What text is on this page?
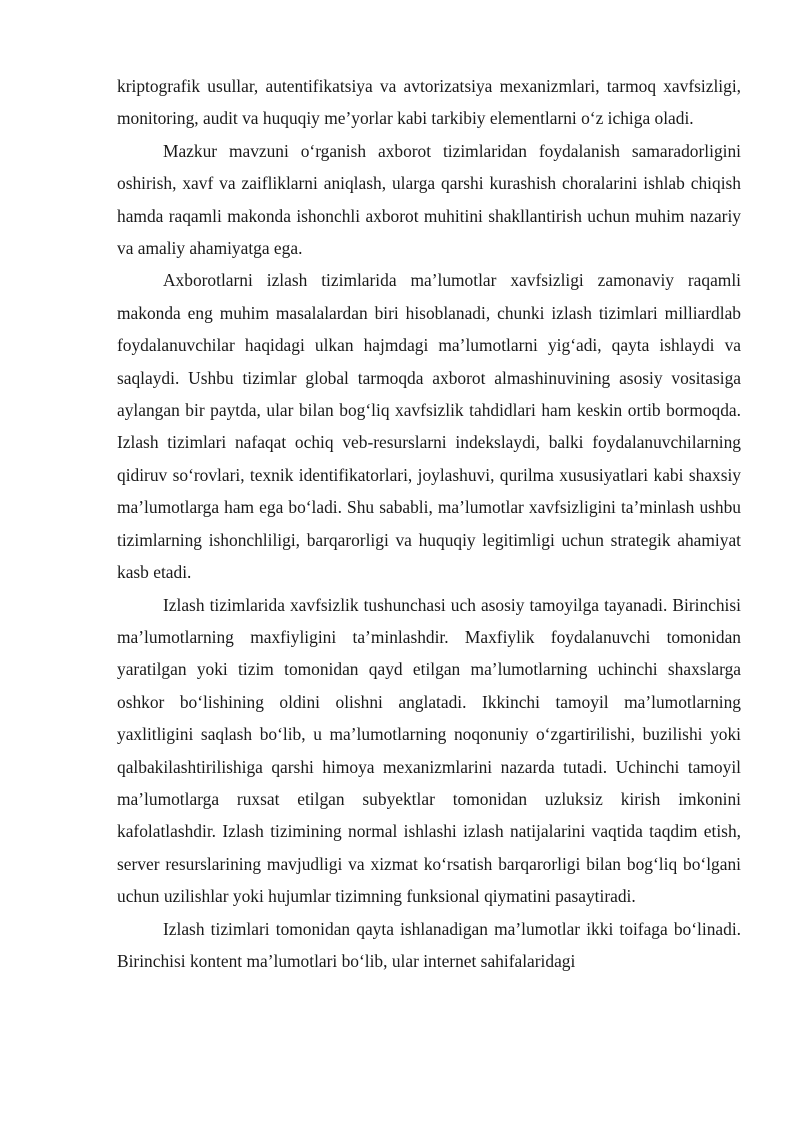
kriptografik usullar, autentifikatsiya va avtorizatsiya mexanizmlari, tarmoq xavfsizligi, monitoring, audit va huquqiy me’yorlar kabi tarkibiy elementlarni o‘z ichiga oladi.

Mazkur mavzuni o‘rganish axborot tizimlaridan foydalanish samaradorligini oshirish, xavf va zaifliklarni aniqlash, ularga qarshi kurashish choralarini ishlab chiqish hamda raqamli makonda ishonchli axborot muhitini shakllantirish uchun muhim nazariy va amaliy ahamiyatga ega.

Axborotlarni izlash tizimlarida ma’lumotlar xavfsizligi zamonaviy raqamli makonda eng muhim masalalardan biri hisoblanadi, chunki izlash tizimlari milliardlab foydalanuvchilar haqidagi ulkan hajmdagi ma’lumotlarni yig‘adi, qayta ishlaydi va saqlaydi. Ushbu tizimlar global tarmoqda axborot almashinuvining asosiy vositasiga aylangan bir paytda, ular bilan bog‘liq xavfsizlik tahdidlari ham keskin ortib bormoqda. Izlash tizimlari nafaqat ochiq veb-resurslarni indekslaydi, balki foydalanuvchilarning qidiruv so‘rovlari, texnik identifikatorlari, joylashuvi, qurilma xususiyatlari kabi shaxsiy ma’lumotlarga ham ega bo‘ladi. Shu sababli, ma’lumotlar xavfsizligini ta’minlash ushbu tizimlarning ishonchliligi, barqarorligi va huquqiy legitimligi uchun strategik ahamiyat kasb etadi.

Izlash tizimlarida xavfsizlik tushunchasi uch asosiy tamoyilga tayanadi. Birinchisi ma’lumotlarning maxfiyligini ta’minlashdir. Maxfiylik foydalanuvchi tomonidan yaratilgan yoki tizim tomonidan qayd etilgan ma’lumotlarning uchinchi shaxslarga oshkor bo‘lishining oldini olishni anglatadi. Ikkinchi tamoyil ma’lumotlarning yaxlitligini saqlash bo‘lib, u ma’lumotlarning noqonuniy o‘zgartirilishi, buzilishi yoki qalbakilashtirilishiga qarshi himoya mexanizmlarini nazarda tutadi. Uchinchi tamoyil ma’lumotlarga ruxsat etilgan subyektlar tomonidan uzluksiz kirish imkonini kafolatlashdir. Izlash tizimining normal ishlashi izlash natijalarini vaqtida taqdim etish, server resurslarining mavjudligi va xizmat ko‘rsatish barqarorligi bilan bog‘liq bo‘lgani uchun uzilishlar yoki hujumlar tizimning funksional qiymatini pasaytiradi.

Izlash tizimlari tomonidan qayta ishlanadigan ma’lumotlar ikki toifaga bo‘linadi. Birinchisi kontent ma’lumotlari bo‘lib, ular internet sahifalaridagi
